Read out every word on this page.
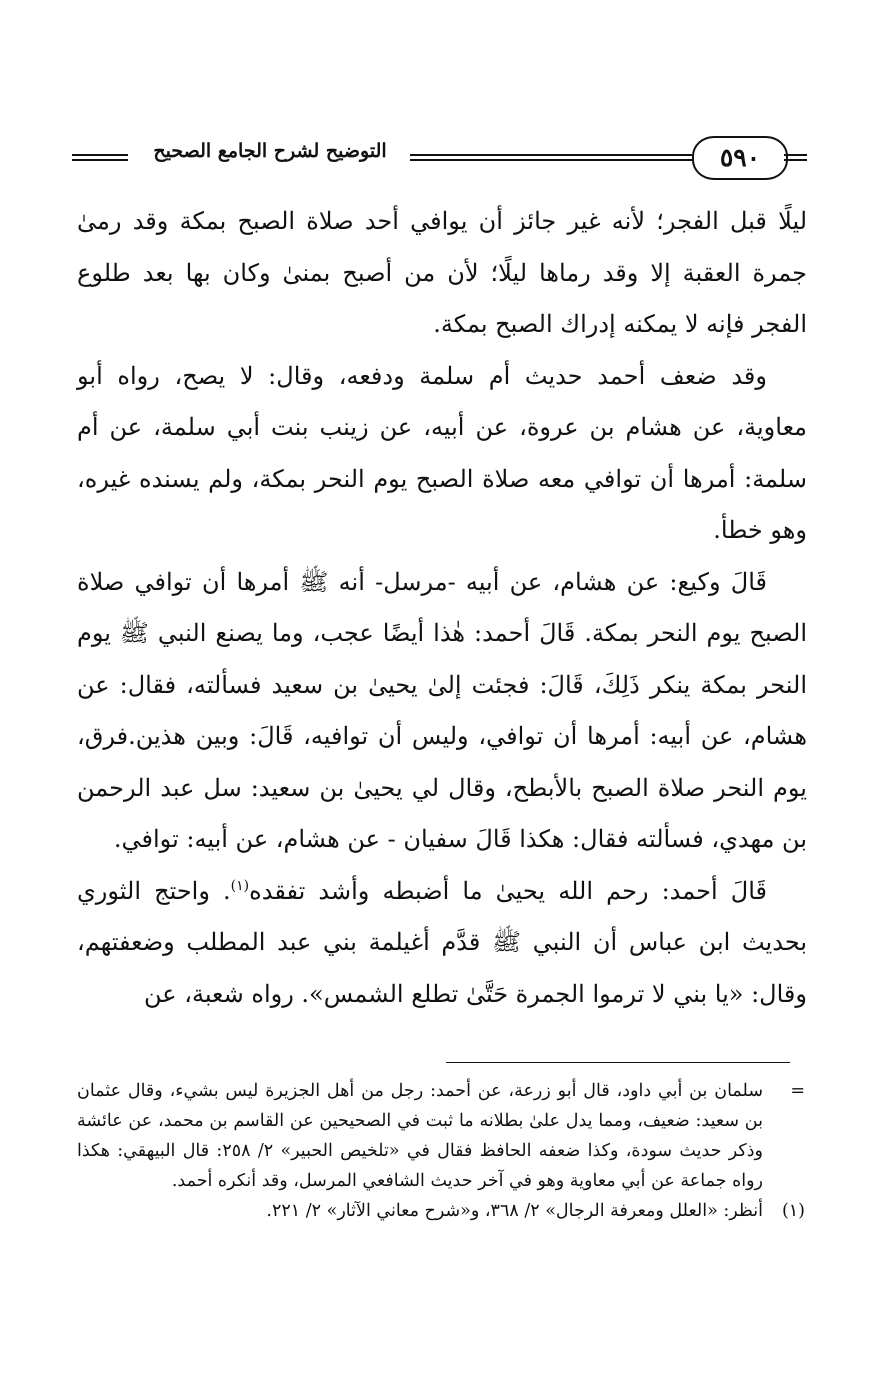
التوضيح لشرح الجامع الصحيح	٥٩٠

ليلًا قبل الفجر؛ لأنه غير جائز أن يوافي أحد صلاة الصبح بمكة وقد رمىٰ جمرة العقبة إلا وقد رماها ليلًا؛ لأن من أصبح بمنىٰ وكان بها بعد طلوع الفجر فإنه لا يمكنه إدراك الصبح بمكة.

وقد ضعف أحمد حديث أم سلمة ودفعه، وقال: لا يصح، رواه أبو معاوية، عن هشام بن عروة، عن أبيه، عن زينب بنت أبي سلمة، عن أم سلمة: أمرها أن توافي معه صلاة الصبح يوم النحر بمكة، ولم يسنده غيره، وهو خطأ.

قَالَ وكيع: عن هشام، عن أبيه -مرسل- أنه ﷺ أمرها أن توافي صلاة الصبح يوم النحر بمكة. قَالَ أحمد: هٰذا أيضًا عجب، وما يصنع النبي ﷺ يوم النحر بمكة ينكر ذَلِكَ، قَالَ: فجئت إلىٰ يحيىٰ بن سعيد فسألته، فقال: عن هشام، عن أبيه: أمرها أن توافي، وليس أن توافيه، قَالَ: وبين هذين.فرق، يوم النحر صلاة الصبح بالأبطح، وقال لي يحيىٰ بن سعيد: سل عبد الرحمن بن مهدي، فسألته فقال: هكذا قَالَ سفيان - عن هشام، عن أبيه: توافي.

قَالَ أحمد: رحم الله يحيىٰ ما أضبطه وأشد تفقده$^{(١)}$. واحتج الثوري بحديث ابن عباس أن النبي ﷺ قدَّم أغيلمة بني عبد المطلب وضعفتهم، وقال: «يا بني لا ترموا الجمرة حَتَّىٰ تطلع الشمس». رواه شعبة، عن

=
سلمان بن أبي داود، قال أبو زرعة، عن أحمد: رجل من أهل الجزيرة ليس بشيء، وقال عثمان بن سعيد: ضعيف، ومما يدل علىٰ بطلانه ما ثبت في الصحيحين عن القاسم بن محمد، عن عائشة وذكر حديث سودة، وكذا ضعفه الحافظ فقال في «تلخيص الحبير» ٢/ ٢٥٨: قال البيهقي: هكذا رواه جماعة عن أبي معاوية وهو في آخر حديث الشافعي المرسل، وقد أنكره أحمد.
(١)
أنظر: «العلل ومعرفة الرجال» ٢/ ٣٦٨، و«شرح معاني الآثار» ٢/ ٢٢١.
